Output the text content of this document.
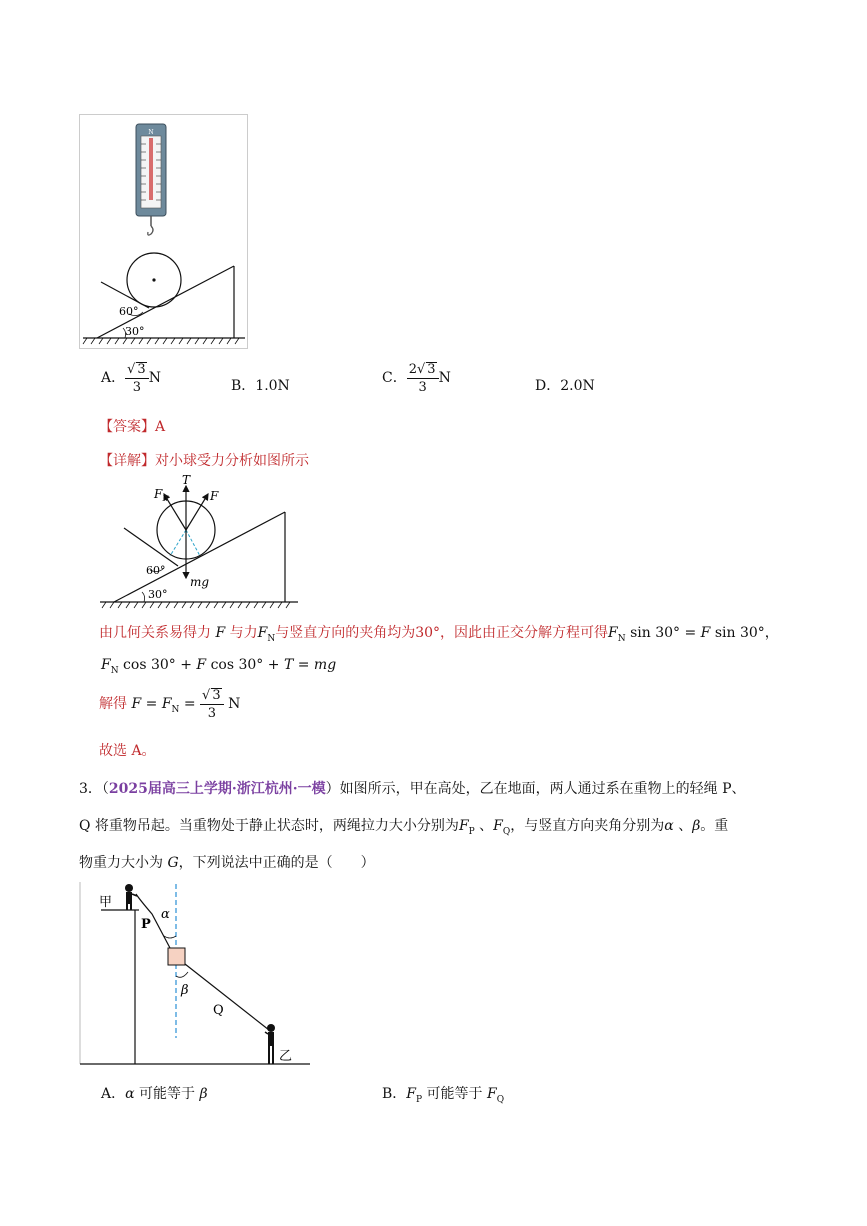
N
60°
30°
A． $\frac{√ 3}{3}$ N	B．1.0N	C． $\frac{2√ 3}{3}$ N	D．2.0N
【答案】A
【详解】对小球受力分析如图所示
$F_N$
T
F
mg
60°
30°
由几何关系易得力 F 与力$F_N$与竖直方向的夹角均为30°，因此由正交分解方程可得$F_N$ sin 30° = F sin 30°，
$F_N$ cos 30° + F cos 30° + T = mg
解得 $F = F_N = \frac{√ 3}{3}$ N
故选 A。
3．（2025届高三上学期·浙江杭州·一模）如图所示，甲在高处，乙在地面，两人通过系在重物上的轻绳 P、
Q 将重物吊起。当重物处于静止状态时，两绳拉力大小分别为$F_P$ 、$F_Q$，与竖直方向夹角分别为α 、β。重
物重力大小为 G，下列说法中正确的是（　　）
甲
P
α
β
Q
乙
A．α 可能等于 β	B．$F_P$ 可能等于 $F_Q$
